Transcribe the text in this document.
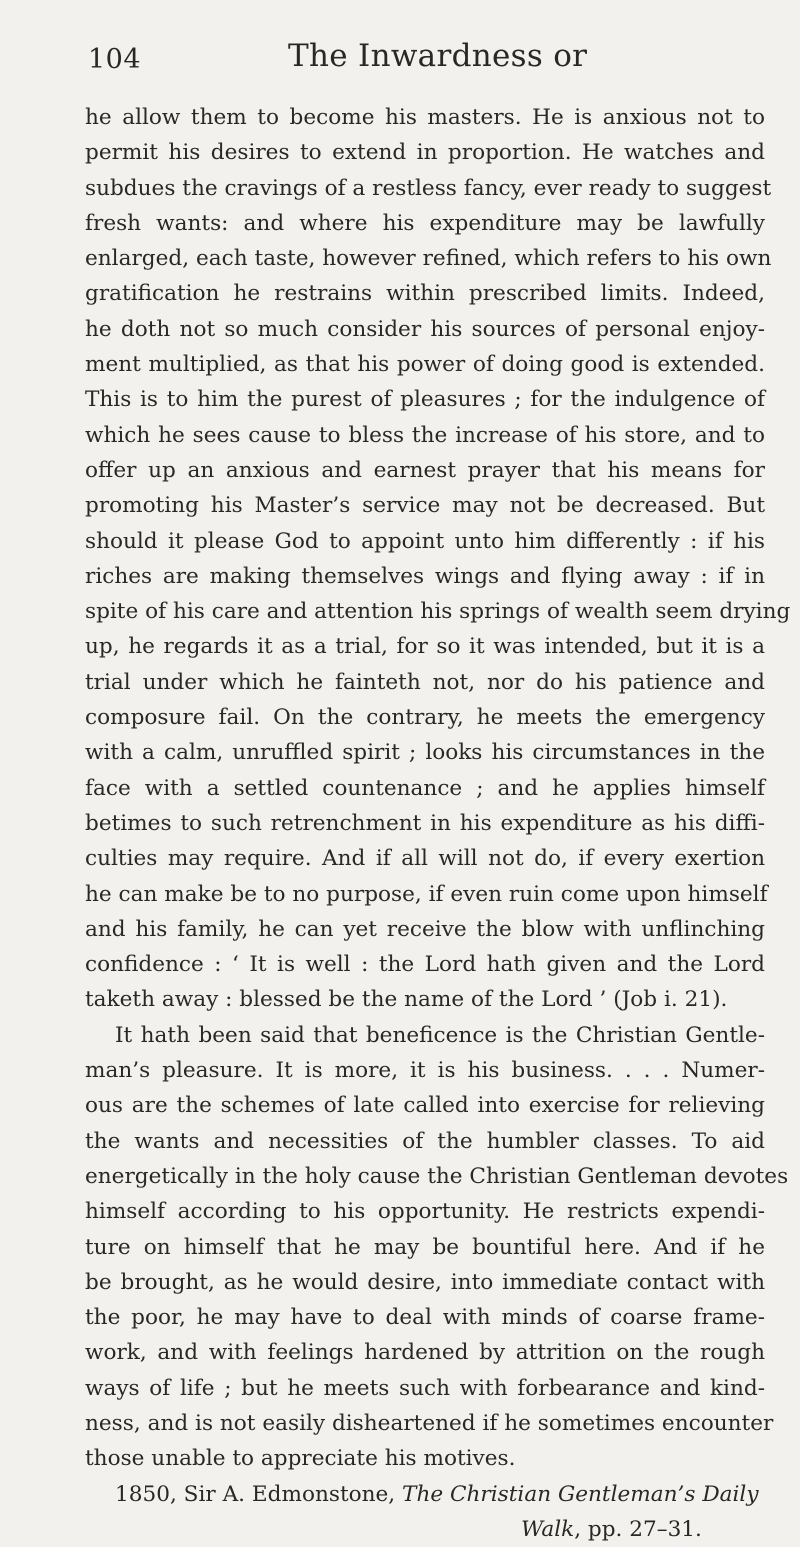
104	The Inwardness or
he allow them to become his masters. He is anxious not to
permit his desires to extend in proportion. He watches and
subdues the cravings of a restless fancy, ever ready to suggest
fresh wants: and where his expenditure may be lawfully
enlarged, each taste, however refined, which refers to his own
gratification he restrains within prescribed limits. Indeed,
he doth not so much consider his sources of personal enjoy-
ment multiplied, as that his power of doing good is extended.
This is to him the purest of pleasures ; for the indulgence of
which he sees cause to bless the increase of his store, and to
offer up an anxious and earnest prayer that his means for
promoting his Master’s service may not be decreased. But
should it please God to appoint unto him differently : if his
riches are making themselves wings and flying away : if in
spite of his care and attention his springs of wealth seem drying
up, he regards it as a trial, for so it was intended, but it is a
trial under which he fainteth not, nor do his patience and
composure fail. On the contrary, he meets the emergency
with a calm, unruffled spirit ; looks his circumstances in the
face with a settled countenance ; and he applies himself
betimes to such retrenchment in his expenditure as his diffi-
culties may require. And if all will not do, if every exertion
he can make be to no purpose, if even ruin come upon himself
and his family, he can yet receive the blow with unflinching
confidence : ‘ It is well : the Lord hath given and the Lord
taketh away : blessed be the name of the Lord ’ (Job i. 21).
It hath been said that beneficence is the Christian Gentle-
man’s pleasure. It is more, it is his business. . . . Numer-
ous are the schemes of late called into exercise for relieving
the wants and necessities of the humbler classes. To aid
energetically in the holy cause the Christian Gentleman devotes
himself according to his opportunity. He restricts expendi-
ture on himself that he may be bountiful here. And if he
be brought, as he would desire, into immediate contact with
the poor, he may have to deal with minds of coarse frame-
work, and with feelings hardened by attrition on the rough
ways of life ; but he meets such with forbearance and kind-
ness, and is not easily disheartened if he sometimes encounter
those unable to appreciate his motives.
1850, Sir A. Edmonstone, The Christian Gentleman’s Daily
Walk, pp. 27–31.
